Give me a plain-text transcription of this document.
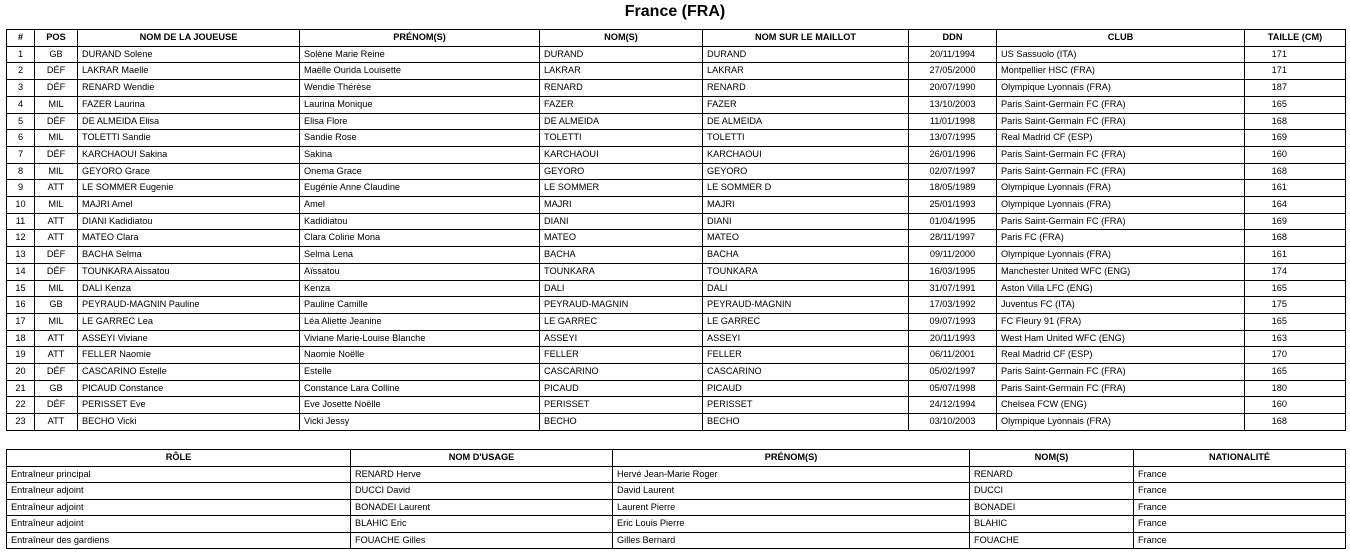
France (FRA)
#	POS	NOM DE LA JOUEUSE	PRÉNOM(S)	NOM(S)	NOM SUR LE MAILLOT	DDN	CLUB	TAILLE (CM)
1	GB	DURAND Solene	Solène Marie Reine	DURAND	DURAND	20/11/1994	US Sassuolo (ITA)	171
2	DÉF	LAKRAR Maelle	Maëlle Ourida Louisette	LAKRAR	LAKRAR	27/05/2000	Montpellier HSC (FRA)	171
3	DÉF	RENARD Wendie	Wendie Thérèse	RENARD	RENARD	20/07/1990	Olympique Lyonnais (FRA)	187
4	MIL	FAZER Laurina	Laurina Monique	FAZER	FAZER	13/10/2003	Paris Saint-Germain FC (FRA)	165
5	DÉF	DE ALMEIDA Elisa	Elisa Flore	DE ALMEIDA	DE ALMEIDA	11/01/1998	Paris Saint-Germain FC (FRA)	168
6	MIL	TOLETTI Sandie	Sandie Rose	TOLETTI	TOLETTI	13/07/1995	Real Madrid CF (ESP)	169
7	DÉF	KARCHAOUI Sakina	Sakina	KARCHAOUI	KARCHAOUI	26/01/1996	Paris Saint-Germain FC (FRA)	160
8	MIL	GEYORO Grace	Onema Grace	GEYORO	GEYORO	02/07/1997	Paris Saint-Germain FC (FRA)	168
9	ATT	LE SOMMER Eugenie	Eugénie Anne Claudine	LE SOMMER	LE SOMMER D	18/05/1989	Olympique Lyonnais (FRA)	161
10	MIL	MAJRI Amel	Amel	MAJRI	MAJRI	25/01/1993	Olympique Lyonnais (FRA)	164
11	ATT	DIANI Kadidiatou	Kadidiatou	DIANI	DIANI	01/04/1995	Paris Saint-Germain FC (FRA)	169
12	ATT	MATEO Clara	Clara Coline Mona	MATEO	MATEO	28/11/1997	Paris FC (FRA)	168
13	DÉF	BACHA Selma	Selma Lena	BACHA	BACHA	09/11/2000	Olympique Lyonnais (FRA)	161
14	DÉF	TOUNKARA Aissatou	Aïssatou	TOUNKARA	TOUNKARA	16/03/1995	Manchester United WFC (ENG)	174
15	MIL	DALI Kenza	Kenza	DALI	DALI	31/07/1991	Aston Villa LFC (ENG)	165
16	GB	PEYRAUD-MAGNIN Pauline	Pauline Camille	PEYRAUD-MAGNIN	PEYRAUD-MAGNIN	17/03/1992	Juventus FC (ITA)	175
17	MIL	LE GARREC Lea	Léa Aliette Jeanine	LE GARREC	LE GARREC	09/07/1993	FC Fleury 91 (FRA)	165
18	ATT	ASSEYI Viviane	Viviane Marie-Louise Blanche	ASSEYI	ASSEYI	20/11/1993	West Ham United WFC (ENG)	163
19	ATT	FELLER Naomie	Naomie Noëlle	FELLER	FELLER	06/11/2001	Real Madrid CF (ESP)	170
20	DÉF	CASCARINO Estelle	Estelle	CASCARINO	CASCARINO	05/02/1997	Paris Saint-Germain FC (FRA)	165
21	GB	PICAUD Constance	Constance Lara Colline	PICAUD	PICAUD	05/07/1998	Paris Saint-Germain FC (FRA)	180
22	DÉF	PERISSET Eve	Eve Josette Noëlle	PERISSET	PERISSET	24/12/1994	Chelsea FCW (ENG)	160
23	ATT	BECHO Vicki	Vicki Jessy	BECHO	BECHO	03/10/2003	Olympique Lyonnais (FRA)	168
RÔLE	NOM D'USAGE	PRÉNOM(S)	NOM(S)	NATIONALITÉ
Entraîneur principal	RENARD Herve	Hervé Jean-Marie Roger	RENARD	France
Entraîneur adjoint	DUCCI David	David Laurent	DUCCI	France
Entraîneur adjoint	BONADEI Laurent	Laurent Pierre	BONADEI	France
Entraîneur adjoint	BLAHIC Eric	Eric Louis Pierre	BLAHIC	France
Entraîneur des gardiens	FOUACHE Gilles	Gilles Bernard	FOUACHE	France
